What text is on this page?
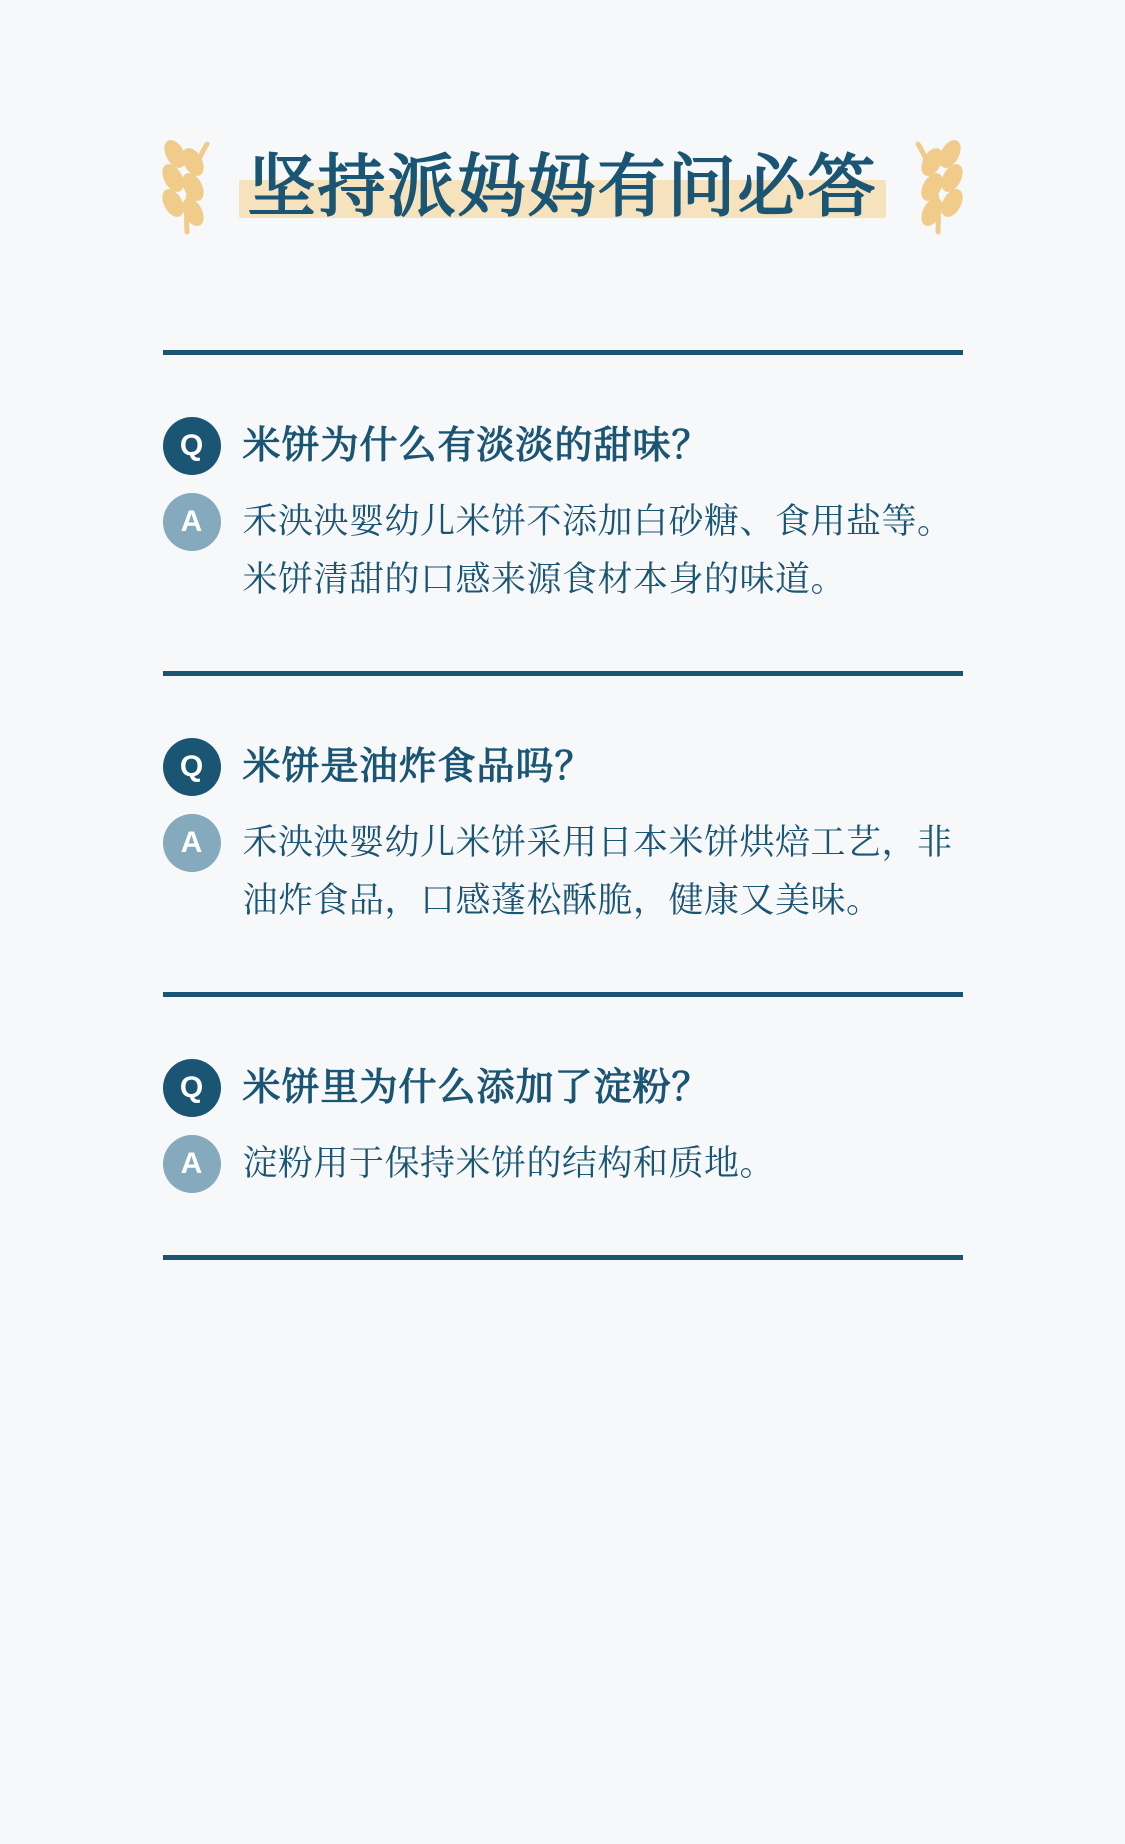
坚持派妈妈有问必答
Q	米饼为什么有淡淡的甜味？
A	禾泱泱婴幼儿米饼不添加白砂糖、食用盐等。米饼清甜的口感来源食材本身的味道。
Q	米饼是油炸食品吗？
A	禾泱泱婴幼儿米饼采用日本米饼烘焙工艺，非油炸食品，口感蓬松酥脆，健康又美味。
Q	米饼里为什么添加了淀粉？
A	淀粉用于保持米饼的结构和质地。
